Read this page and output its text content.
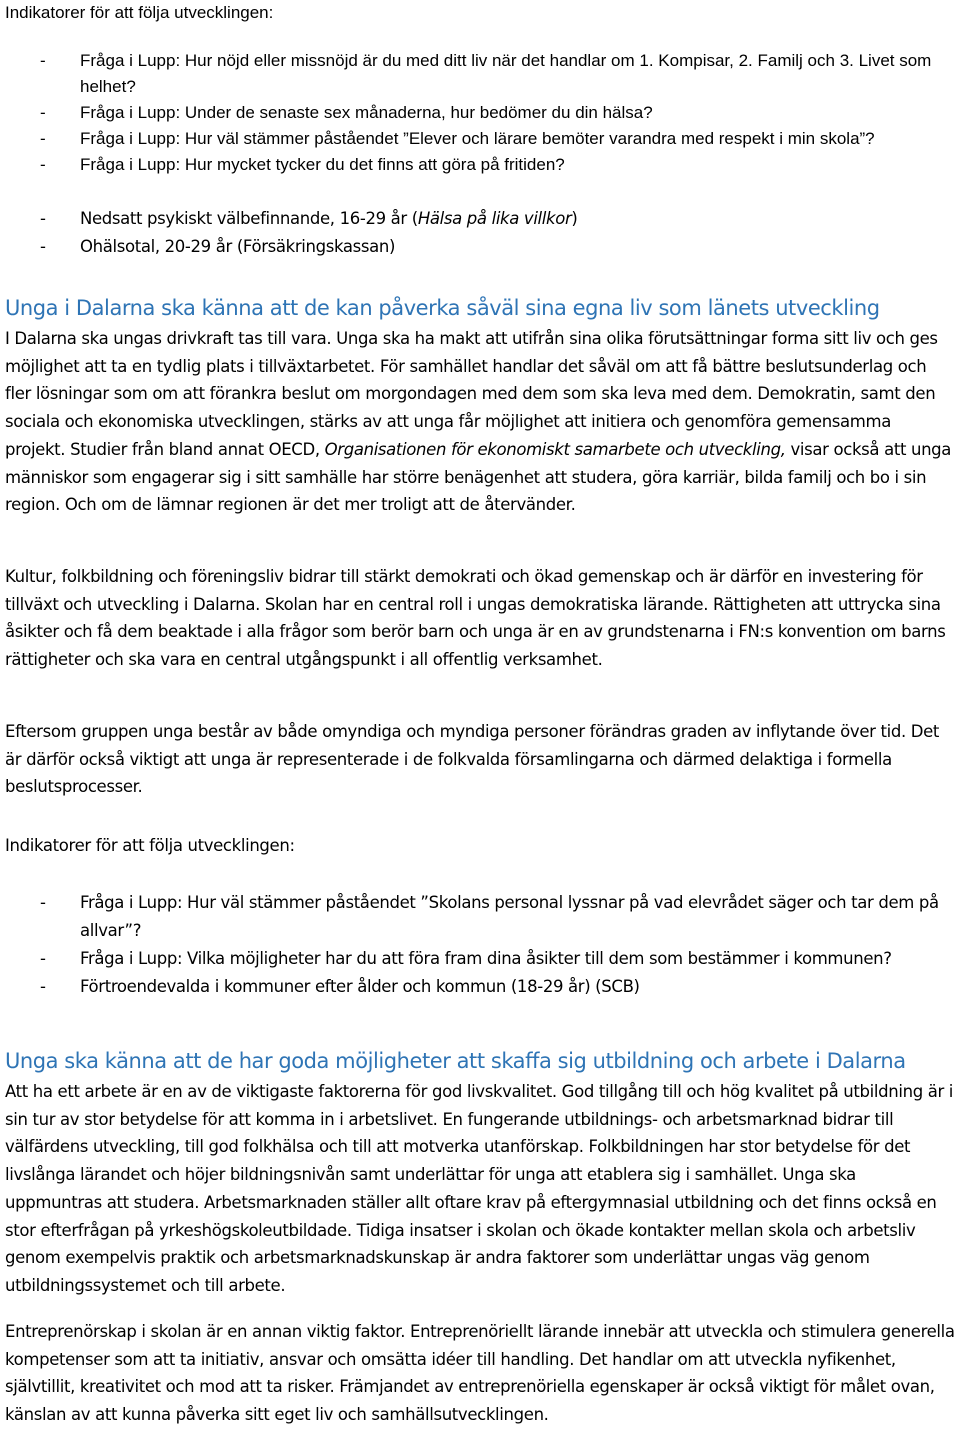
Indikatorer för att följa utvecklingen:
- Fråga i Lupp: Hur nöjd eller missnöjd är du med ditt liv när det handlar om 1. Kompisar, 2. Familj och 3. Livet som helhet?
- Fråga i Lupp: Under de senaste sex månaderna, hur bedömer du din hälsa?
- Fråga i Lupp: Hur väl stämmer påståendet ”Elever och lärare bemöter varandra med respekt i min skola”?
- Fråga i Lupp: Hur mycket tycker du det finns att göra på fritiden?
- Nedsatt psykiskt välbefinnande, 16-29 år (Hälsa på lika villkor)
- Ohälsotal, 20-29 år (Försäkringskassan)
Unga i Dalarna ska känna att de kan påverka såväl sina egna liv som länets utveckling
I Dalarna ska ungas drivkraft tas till vara. Unga ska ha makt att utifrån sina olika förutsättningar forma sitt liv och ges möjlighet att ta en tydlig plats i tillväxtarbetet. För samhället handlar det såväl om att få bättre beslutsunderlag och fler lösningar som om att förankra beslut om morgondagen med dem som ska leva med dem. Demokratin, samt den sociala och ekonomiska utvecklingen, stärks av att unga får möjlighet att initiera och genomföra gemensamma projekt. Studier från bland annat OECD, Organisationen för ekonomiskt samarbete och utveckling, visar också att unga människor som engagerar sig i sitt samhälle har större benägenhet att studera, göra karriär, bilda familj och bo i sin region. Och om de lämnar regionen är det mer troligt att de återvänder.
Kultur, folkbildning och föreningsliv bidrar till stärkt demokrati och ökad gemenskap och är därför en investering för tillväxt och utveckling i Dalarna. Skolan har en central roll i ungas demokratiska lärande. Rättigheten att uttrycka sina åsikter och få dem beaktade i alla frågor som berör barn och unga är en av grundstenarna i FN:s konvention om barns rättigheter och ska vara en central utgångspunkt i all offentlig verksamhet.
Eftersom gruppen unga består av både omyndiga och myndiga personer förändras graden av inflytande över tid. Det är därför också viktigt att unga är representerade i de folkvalda församlingarna och därmed delaktiga i formella beslutsprocesser.
Indikatorer för att följa utvecklingen:
- Fråga i Lupp: Hur väl stämmer påståendet ”Skolans personal lyssnar på vad elevrådet säger och tar dem på allvar”?
- Fråga i Lupp: Vilka möjligheter har du att föra fram dina åsikter till dem som bestämmer i kommunen?
- Förtroendevalda i kommuner efter ålder och kommun (18-29 år) (SCB)
Unga ska känna att de har goda möjligheter att skaffa sig utbildning och arbete i Dalarna
Att ha ett arbete är en av de viktigaste faktorerna för god livskvalitet. God tillgång till och hög kvalitet på utbildning är i sin tur av stor betydelse för att komma in i arbetslivet. En fungerande utbildnings- och arbetsmarknad bidrar till välfärdens utveckling, till god folkhälsa och till att motverka utanförskap. Folkbildningen har stor betydelse för det livslånga lärandet och höjer bildningsnivån samt underlättar för unga att etablera sig i samhället. Unga ska uppmuntras att studera. Arbetsmarknaden ställer allt oftare krav på eftergymnasial utbildning och det finns också en stor efterfrågan på yrkeshögskoleutbildade. Tidiga insatser i skolan och ökade kontakter mellan skola och arbetsliv genom exempelvis praktik och arbetsmarknadskunskap är andra faktorer som underlättar ungas väg genom utbildningssystemet och till arbete.
Entreprenörskap i skolan är en annan viktig faktor. Entreprenöriellt lärande innebär att utveckla och stimulera generella kompetenser som att ta initiativ, ansvar och omsätta idéer till handling. Det handlar om att utveckla nyfikenhet, självtillit, kreativitet och mod att ta risker. Främjandet av entreprenöriella egenskaper är också viktigt för målet ovan, känslan av att kunna påverka sitt eget liv och samhällsutvecklingen.
